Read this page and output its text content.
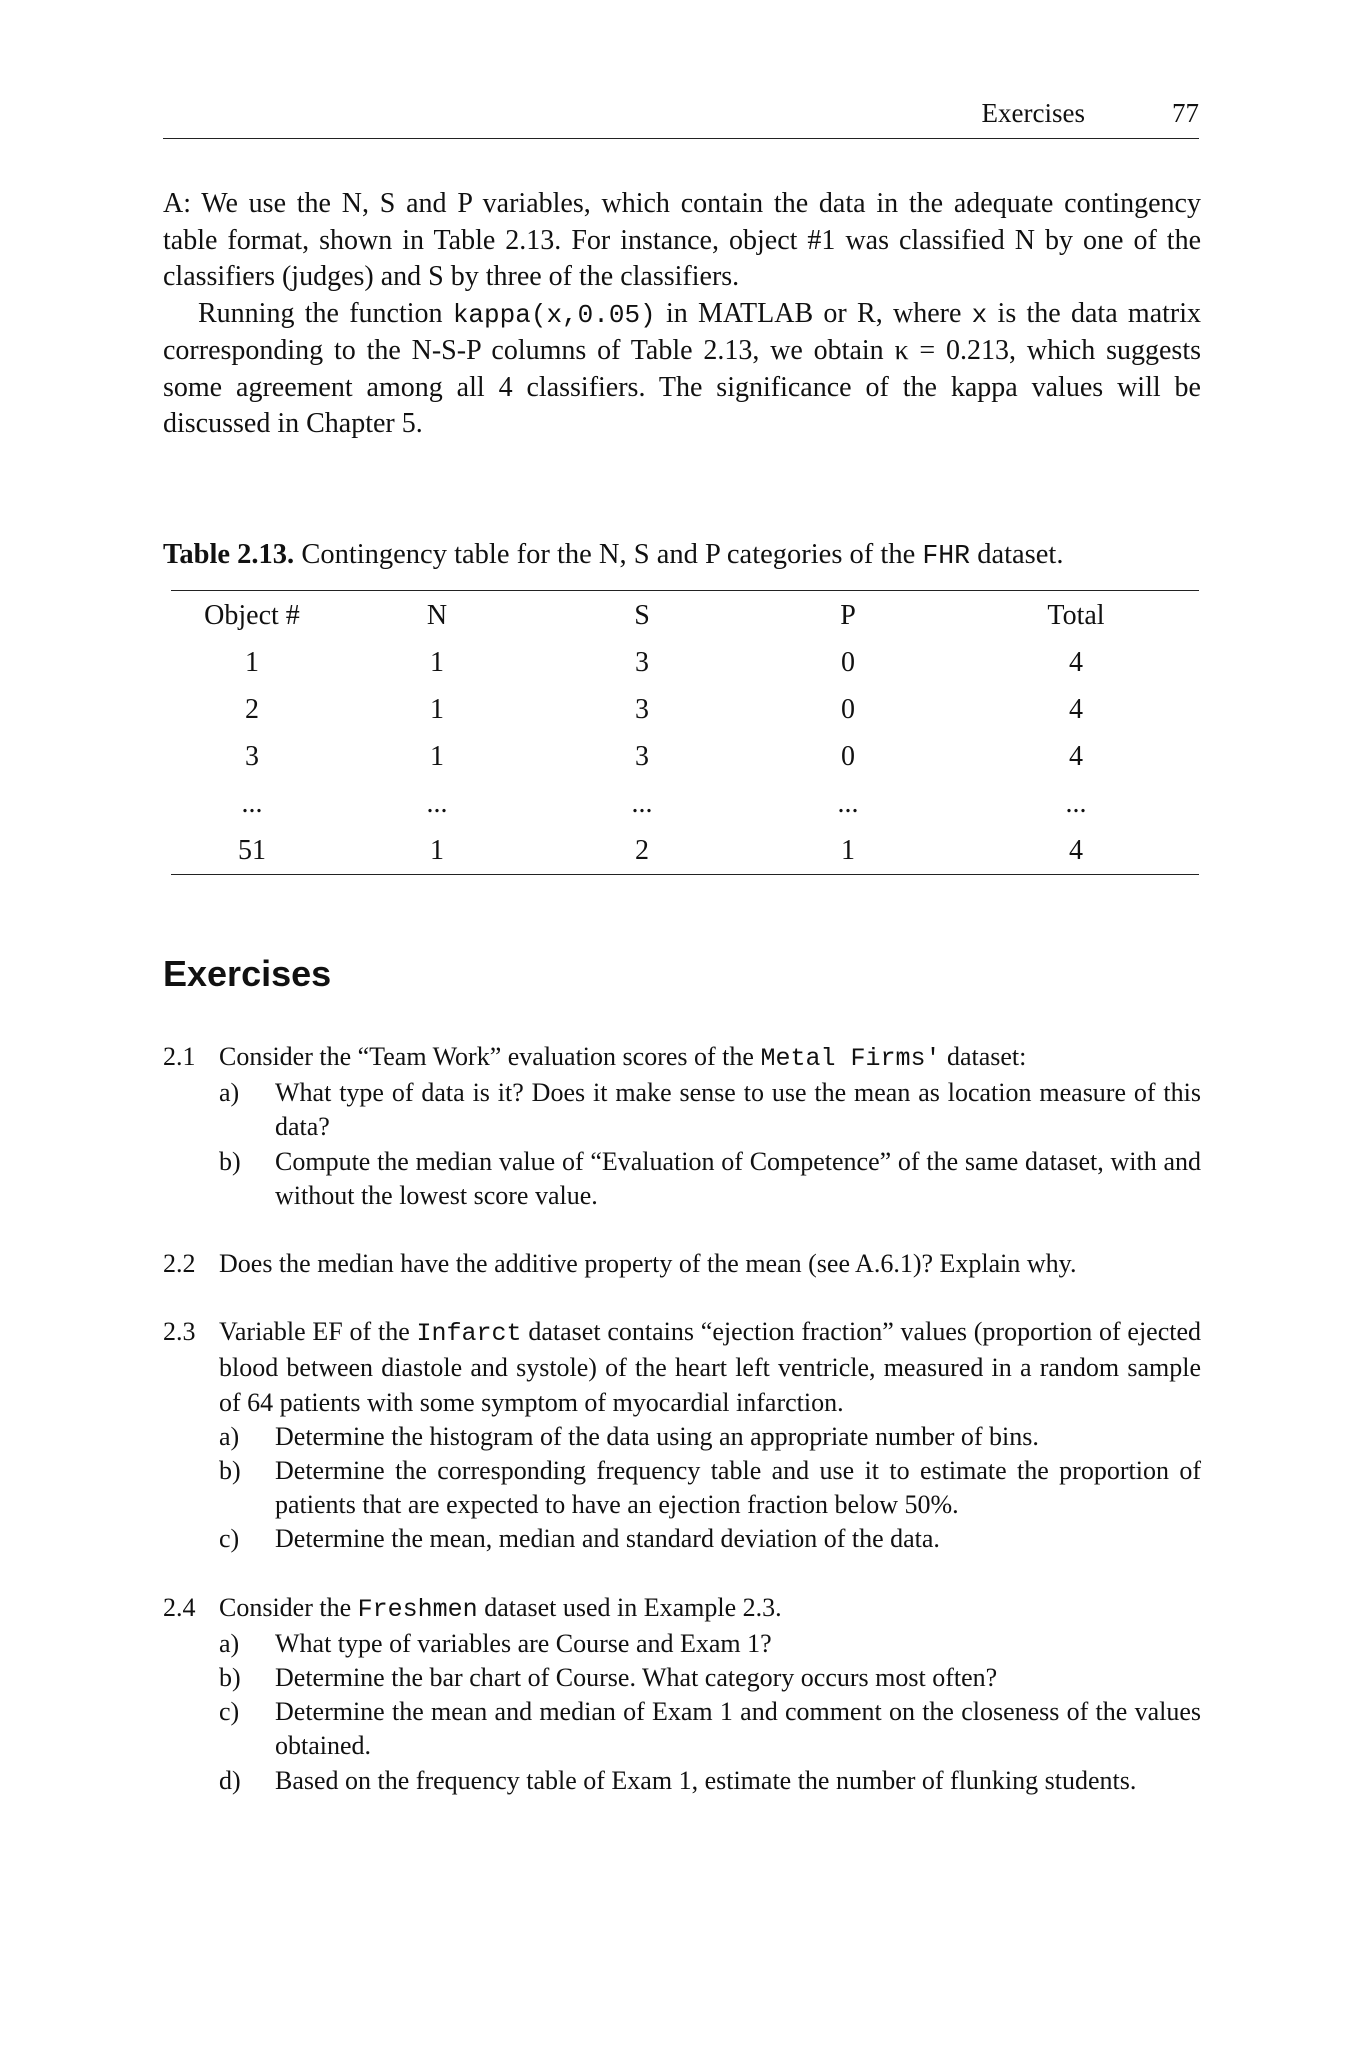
Exercises	77

A: We use the N, S and P variables, which contain the data in the adequate contingency table format, shown in Table 2.13. For instance, object #1 was classified N by one of the classifiers (judges) and S by three of the classifiers.

Running the function kappa(x,0.05) in MATLAB or R, where x is the data matrix corresponding to the N-S-P columns of Table 2.13, we obtain κ = 0.213, which suggests some agreement among all 4 classifiers. The significance of the kappa values will be discussed in Chapter 5.

Table 2.13. Contingency table for the N, S and P categories of the FHR dataset.
Object #	N	S	P	Total
1	1	3	0	4
2	1	3	0	4
3	1	3	0	4
...	...	...	...	...
51	1	2	1	4
Exercises
2.1 Consider the “Team Work” evaluation scores of the Metal Firms' dataset:
a) What type of data is it? Does it make sense to use the mean as location measure of this data?
b) Compute the median value of “Evaluation of Competence” of the same dataset, with and without the lowest score value.
2.2 Does the median have the additive property of the mean (see A.6.1)? Explain why.
2.3 Variable EF of the Infarct dataset contains “ejection fraction” values (proportion of ejected blood between diastole and systole) of the heart left ventricle, measured in a random sample of 64 patients with some symptom of myocardial infarction.
a) Determine the histogram of the data using an appropriate number of bins.
b) Determine the corresponding frequency table and use it to estimate the proportion of patients that are expected to have an ejection fraction below 50%.
c) Determine the mean, median and standard deviation of the data.
2.4 Consider the Freshmen dataset used in Example 2.3.
a) What type of variables are Course and Exam 1?
b) Determine the bar chart of Course. What category occurs most often?
c) Determine the mean and median of Exam 1 and comment on the closeness of the values obtained.
d) Based on the frequency table of Exam 1, estimate the number of flunking students.
